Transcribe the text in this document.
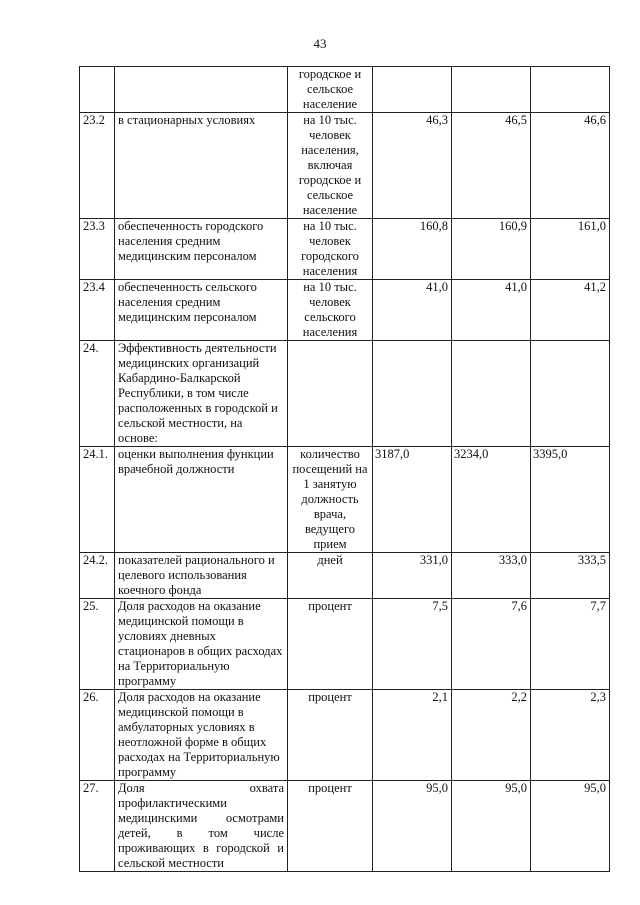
43
		городское и сельское население			
23.2	в стационарных условиях	на 10 тыс. человек населения, включая городское и сельское население	46,3	46,5	46,6
23.3	обеспеченность городского населения средним медицинским персоналом	на 10 тыс. человек городского населения	160,8	160,9	161,0
23.4	обеспеченность сельского населения средним медицинским персоналом	на 10 тыс. человек сельского населения	41,0	41,0	41,2
24.	Эффективность деятельности медицинских организаций Кабардино-Балкарской Республики, в том числе расположенных в городской и сельской местности, на основе:				
24.1.	оценки выполнения функции врачебной должности	количество посещений на 1 занятую должность врача, ведущего прием	3187,0	3234,0	3395,0
24.2.	показателей рационального и целевого использования коечного фонда	дней	331,0	333,0	333,5
25.	Доля расходов на оказание медицинской помощи в условиях дневных стационаров в общих расходах на Территориальную программу	процент	7,5	7,6	7,7
26.	Доля расходов на оказание медицинской помощи в амбулаторных условиях в неотложной форме в общих расходах на Территориальную программу	процент	2,1	2,2	2,3
27.	Доля охвата профилактическими медицинскими осмотрами детей, в том числе проживающих в городской и сельской местности	процент	95,0	95,0	95,0
